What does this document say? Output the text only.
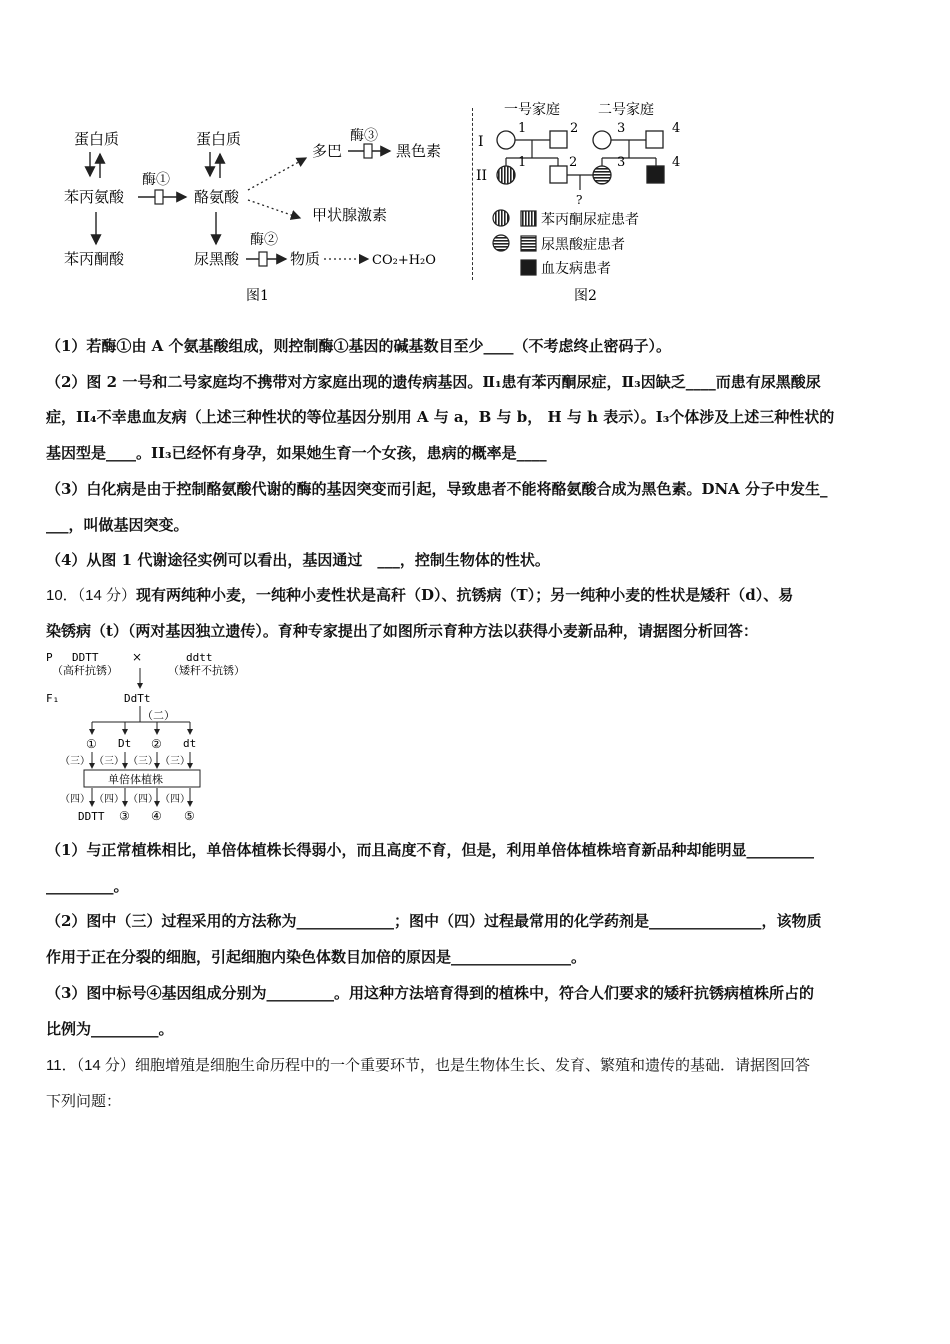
蛋白质
苯丙氨酸
苯丙酮酸
酶①
蛋白质
酪氨酸
尿黑酸
酶②
物质	CO₂+H₂O
多巴
酶③
黑色素
甲状腺激素
图1
一号家庭	二号家庭
I
II
1	2	3	4
1	2	3
?
4
苯丙酮尿症患者
尿黑酸症患者
血友病患者
图2
（1）若酶①由 A 个氨基酸组成，则控制酶①基因的碱基数目至少____（不考虑终止密码子）。
（2）图 2 一号和二号家庭均不携带对方家庭出现的遗传病基因。Ⅱ₁患有苯丙酮尿症，Ⅱ₃因缺乏____而患有尿黑酸尿
症，II₄不幸患血友病（上述三种性状的等位基因分别用 A 与 a，B 与 b， H 与 h 表示）。I₃个体涉及上述三种性状的
基因型是____。II₃已经怀有身孕，如果她生育一个女孩，患病的概率是____
（3）白化病是由于控制酪氨酸代谢的酶的基因突变而引起，导致患者不能将酪氨酸合成为黑色素。DNA 分子中发生_
___，叫做基因突变。
（4）从图 1 代谢途径实例可以看出，基因通过　___，控制生物体的性状。
10．（14 分）现有两纯种小麦，一纯种小麦性状是高秆（D）、抗锈病（T）；另一纯种小麦的性状是矮秆（d）、易
染锈病（t）（两对基因独立遗传）。育种专家提出了如图所示育种方法以获得小麦新品种，请据图分析回答：
P DDTT	×	ddtt
（高秆抗锈）	（矮秆不抗锈）
F₁	DdTt
（二）
① Dt ② dt
（三） （三） （三） （三）
单倍体植株
（四） （四） （四） （四）
DDTT ③ ④ ⑤
（1）与正常植株相比，单倍体植株长得弱小，而且高度不育，但是，利用单倍体植株培育新品种却能明显_________
_________。
（2）图中（三）过程采用的方法称为_____________；图中（四）过程最常用的化学药剂是_______________，该物质
作用于正在分裂的细胞，引起细胞内染色体数目加倍的原因是________________。
（3）图中标号④基因组成分别为_________。用这种方法培育得到的植株中，符合人们要求的矮秆抗锈病植株所占的
比例为_________。
11．（14 分）细胞增殖是细胞生命历程中的一个重要环节，也是生物体生长、发育、繁殖和遗传的基础．请据图回答
下列问题：
